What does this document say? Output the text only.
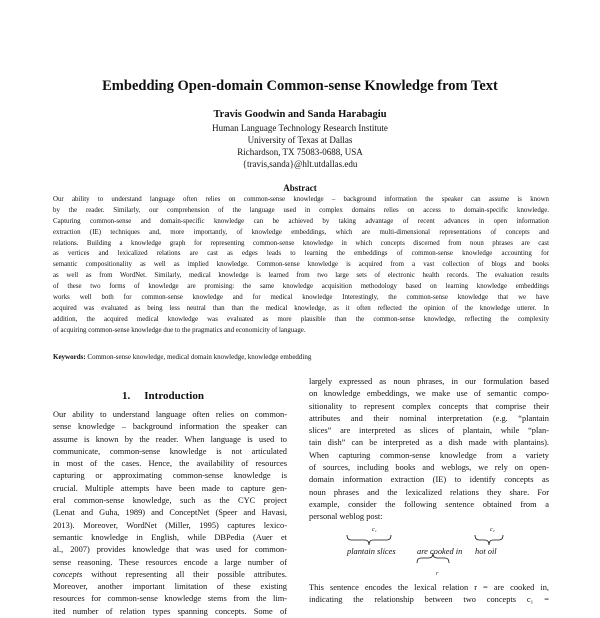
Embedding Open-domain Common-sense Knowledge from Text
Travis Goodwin and Sanda Harabagiu
Human Language Technology Research Institute
University of Texas at Dallas
Richardson, TX 75083-0688, USA
{travis,sanda}@hlt.utdallas.edu
Abstract
Our ability to understand language often relies on common-sense knowledge – background information the speaker can assume is known
by the reader. Similarly, our comprehension of the language used in complex domains relies on access to domain-specific knowledge.
Capturing common-sense and domain-specific knowledge can be achieved by taking advantage of recent advances in open information
extraction (IE) techniques and, more importantly, of knowledge embeddings, which are multi-dimensional representations of concepts and
relations. Building a knowledge graph for representing common-sense knowledge in which concepts discerned from noun phrases are cast
as vertices and lexicalized relations are cast as edges leads to learning the embeddings of common-sense knowledge accounting for
semantic compositionality as well as implied knowledge. Common-sense knowledge is acquired from a vast collection of blogs and books
as well as from WordNet. Similarly, medical knowledge is learned from two large sets of electronic health records. The evaluation results
of these two forms of knowledge are promising: the same knowledge acquisition methodology based on learning knowledge embeddings
works well both for common-sense knowledge and for medical knowledge Interestingly, the common-sense knowledge that we have
acquired was evaluated as being less neutral than than the medical knowledge, as it often reflected the opinion of the knowledge utterer. In
addition, the acquired medical knowledge was evaluated as more plausible than the common-sense knowledge, reflecting the complexity
of acquiring common-sense knowledge due to the pragmatics and economicity of language.
Keywords: Common-sense knowledge, medical domain knowledge, knowledge embedding
1. Introduction
Our ability to understand language often relies on common-
sense knowledge – background information the speaker can
assume is known by the reader. When language is used to
communicate, common-sense knowledge is not articulated
in most of the cases. Hence, the availability of resources
capturing or approximating common-sense knowledge is
crucial. Multiple attempts have been made to capture gen-
eral common-sense knowledge, such as the CYC project
(Lenat and Guha, 1989) and ConceptNet (Speer and Havasi,
2013). Moreover, WordNet (Miller, 1995) captures lexico-
semantic knowledge in English, while DBPedia (Auer et
al., 2007) provides knowledge that was used for common-
sense reasoning. These resources encode a large number of
concepts without representing all their possible attributes.
Moreover, another important limitation of these existing
resources for common-sense knowledge stems from the lim-
ited number of relation types spanning concepts. Some of
largely expressed as noun phrases, in our formulation based
on knowledge embeddings, we make use of semantic compo-
sitionality to represent complex concepts that comprise their
attributes and their nominal interpretation (e.g. “plantain
slices” are interpreted as slices of plantain, while “plan-
tain dish” can be interpreted as a dish made with plantains).
When capturing common-sense knowledge from a variety
of sources, including books and weblogs, we rely on open-
domain information extraction (IE) to identify concepts as
noun phrases and the lexicalized relations they share. For
example, consider the following sentence obtained from a
personal weblog post:
c₁	c₂
plantain slices	are cooked in hot oil
r
This sentence encodes the lexical relation r = are cooked in,
indicating the relationship between two concepts c₁ =
